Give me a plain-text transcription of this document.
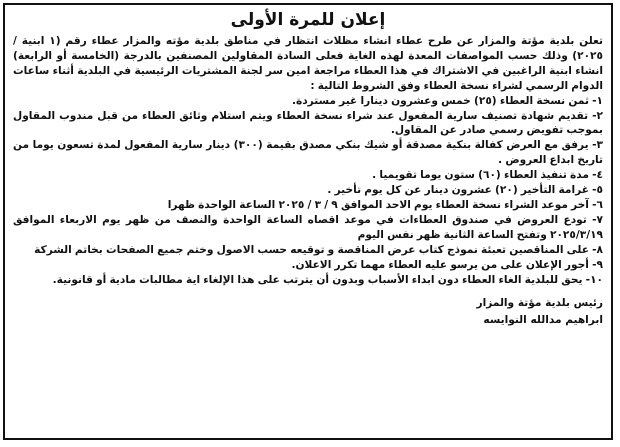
إعلان للمرة الأولى

تعلن بلدية مؤتة والمزار عن طرح عطاء انشاء مظلات انتظار في مناطق بلدية مؤته والمزار عطاء رقم (١ ابنية / ٢٠٢٥) وذلك حسب المواصفات المعدة لهذه الغاية فعلى السادة المقاولين المصنفين بالدرجة (الخامسة أو الرابعة) انشاء ابنية الراغبين في الاشتراك في هذا العطاء مراجعة امين سر لجنة المشتريات الرئيسية في البلدية أثناء ساعات الدوام الرسمي لشراء نسخة العطاء وفق الشروط التالية :

١- ثمن نسخة العطاء (٢٥) خمس وعشرون دينارا غير مستردة.

٢- تقديم شهادة تصنيف سارية المفعول عند شراء نسخة العطاء ويتم استلام وثائق العطاء من قبل مندوب المقاول بموجب تفويض رسمي صادر عن المقاول.

٣- يرفق مع العرض كفالة بنكية مصدقة أو شيك بنكي مصدق بقيمة (٣٠٠) دينار سارية المفعول لمدة تسعون يوما من تاريخ ابداع العروض .

٤- مدة تنفيذ العطاء (٦٠) ستون يوما تقويميا .

٥- غرامة التأخير (٢٠) عشرون دينار عن كل يوم تأخير .

٦- آخر موعد الشراء نسخة العطاء يوم الاحد الموافق ٩ / ٣ / ٢٠٢٥ الساعة الواحدة ظهرا

٧- تودع العروض في صندوق العطاءات في موعد اقصاه الساعة الواحدة والنصف من ظهر يوم الاربعاء الموافق ٢٠٢٥/٣/١٩ وتفتح الساعة الثانية ظهر نفس اليوم

٨- على المناقصين تعبئة نموذج كتاب عرض المناقصة و توقيعه حسب الاصول وختم جميع الصفحات بخاتم الشركة

٩- أجور الإعلان على من يرسو عليه العطاء مهما تكرر الاعلان.

١٠- يحق للبلدية الغاء العطاء دون ابداء الأسباب وبدون أن يترتب على هذا الإلغاء اية مطالبات مادية أو قانونية.

رئيس بلدية مؤتة والمزار
ابراهيم مدالله النوايسه
